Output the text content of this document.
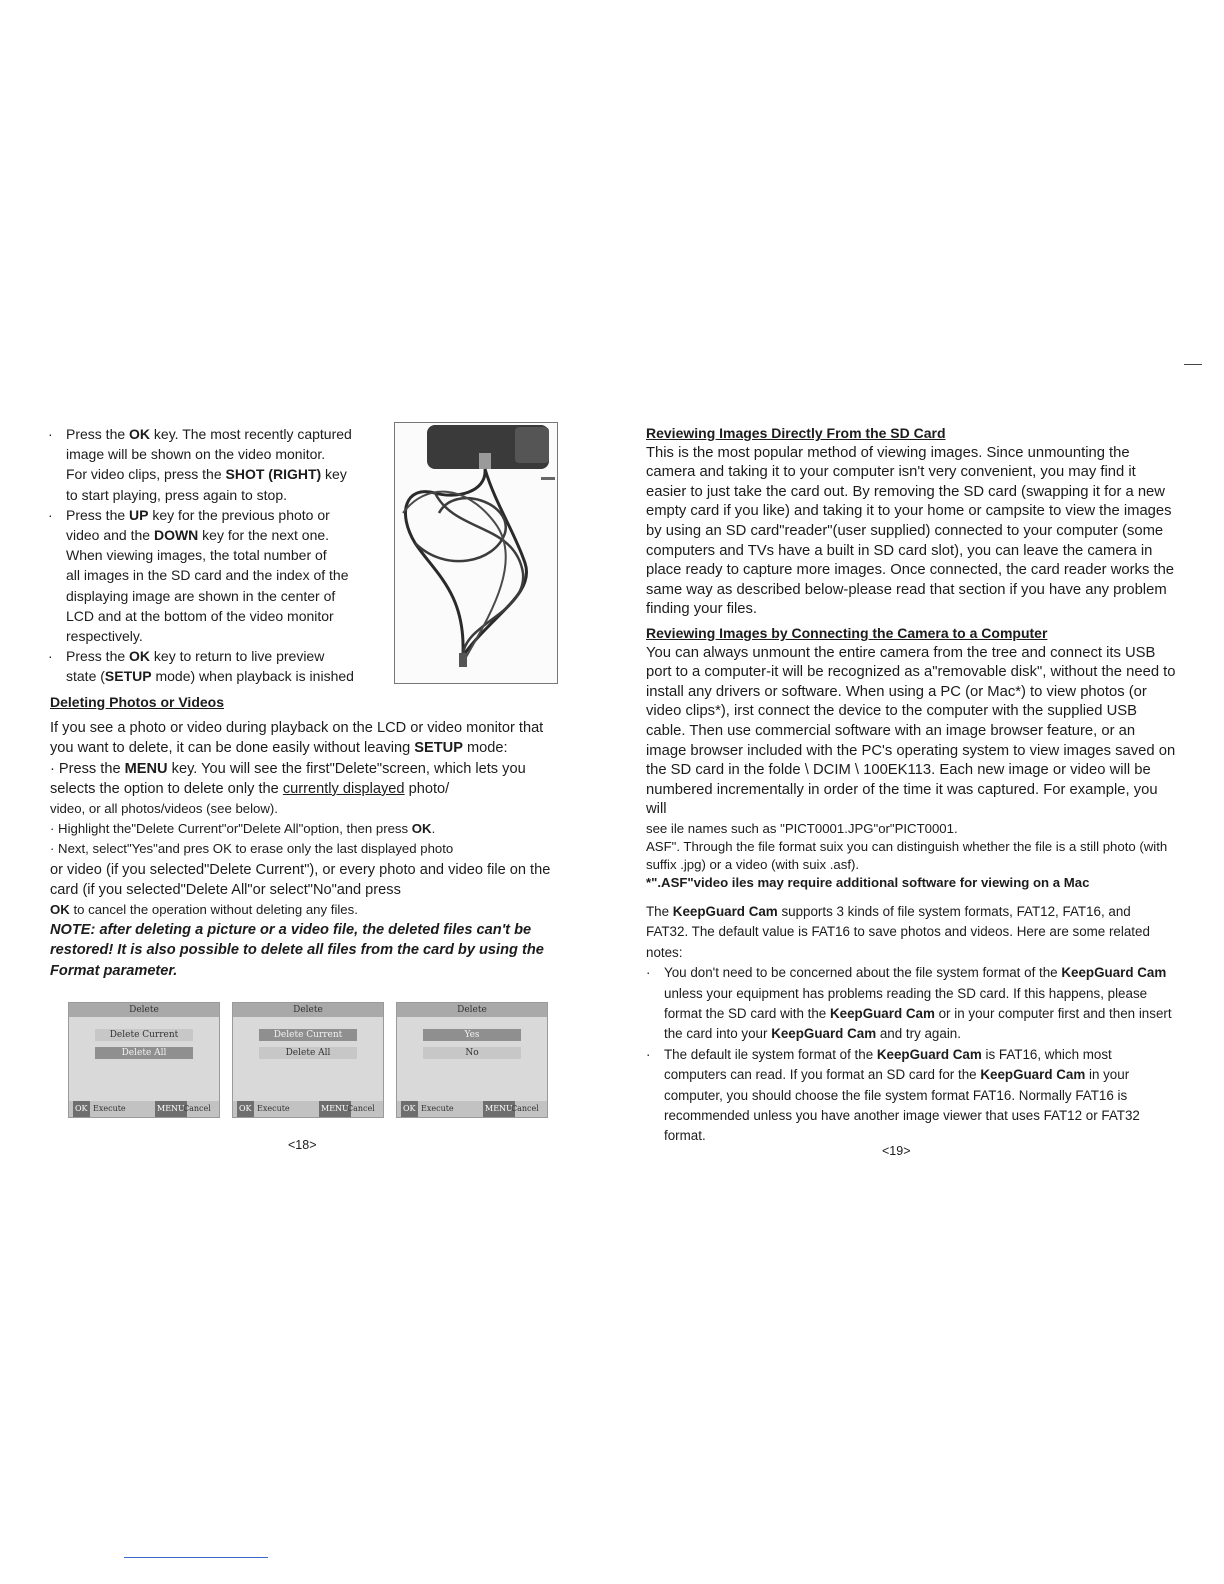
· Press the OK key. The most recently captured
image will be shown on the video monitor.
For video clips, press the SHOT (RIGHT) key
to start playing, press again to stop.
· Press the UP key for the previous photo or
video and the DOWN key for the next one.
When viewing images, the total number of
all images in the SD card and the index of the
displaying image are shown in the center of
LCD and at the bottom of the video monitor
respectively.
· Press the OK key to return to live preview
state (SETUP mode) when playback is inished

Deleting Photos or Videos

If you see a photo or video during playback on the LCD or video monitor that you want to delete, it can be done easily without leaving SETUP mode:

· Press the MENU key. You will see the first"Delete"screen, which lets you selects the option to delete only the currently displayed photo/

video, or all photos/videos (see below).

· Highlight the"Delete Current"or"Delete All"option, then press OK.

· Next, select"Yes"and pres OK to erase only the last displayed photo

or video (if you selected"Delete Current"), or every photo and video file on the card (if you selected"Delete All"or select"No"and press

OK to cancel the operation without deleting any files.

NOTE: after deleting a picture or a video file, the deleted files can't be restored! It is also possible to delete all files from the card by using the Format parameter.

Delete
Delete Current
Delete All
OK Execute	MENU
Cancel
Delete
Delete Current
Delete All
OK Execute	MENU
Cancel
Delete
Yes
No
OK Execute	MENU
Cancel
<18>

Reviewing Images Directly From the SD Card

This is the most popular method of viewing images. Since unmounting the camera and taking it to your computer isn't very convenient, you may find it easier to just take the card out. By removing the SD card (swapping it for a new empty card if you like) and taking it to your home or campsite to view the images by using an SD card"reader"(user supplied) connected to your computer (some computers and TVs have a built in SD card slot), you can leave the camera in place ready to capture more images. Once connected, the card reader works the same way as described below-please read that section if you have any problem finding your files.

Reviewing Images by Connecting the Camera to a Computer

You can always unmount the entire camera from the tree and connect its USB port to a computer-it will be recognized as a"removable disk", without the need to install any drivers or software. When using a PC (or Mac*) to view photos (or video clips*), irst connect the device to the computer with the supplied USB cable. Then use commercial software with an image browser feature, or an image browser included with the PC's operating system to view images saved on the SD card in the folde \ DCIM \ 100EK113. Each new image or video will be numbered incrementally in order of the time it was captured. For example, you will

see ile names such as "PICT0001.JPG"or"PICT0001.

ASF". Through the file format suix you can distinguish whether the file is a still photo (with suffix .jpg) or a video (with suix .asf).

*".ASF"video iles may require additional software for viewing on a Mac

The KeepGuard Cam supports 3 kinds of file system formats, FAT12, FAT16, and FAT32. The default value is FAT16 to save photos and videos. Here are some related notes:

· You don't need to be concerned about the file system format of the KeepGuard Cam unless your equipment has problems reading the SD card. If this happens, please format the SD card with the KeepGuard Cam or in your computer first and then insert the card into your KeepGuard Cam and try again.

· The default ile system format of the KeepGuard Cam is FAT16, which most computers can read. If you format an SD card for the KeepGuard Cam in your computer, you should choose the file system format FAT16. Normally FAT16 is recommended unless you have another image viewer that uses FAT12 or FAT32 format.

<19>
